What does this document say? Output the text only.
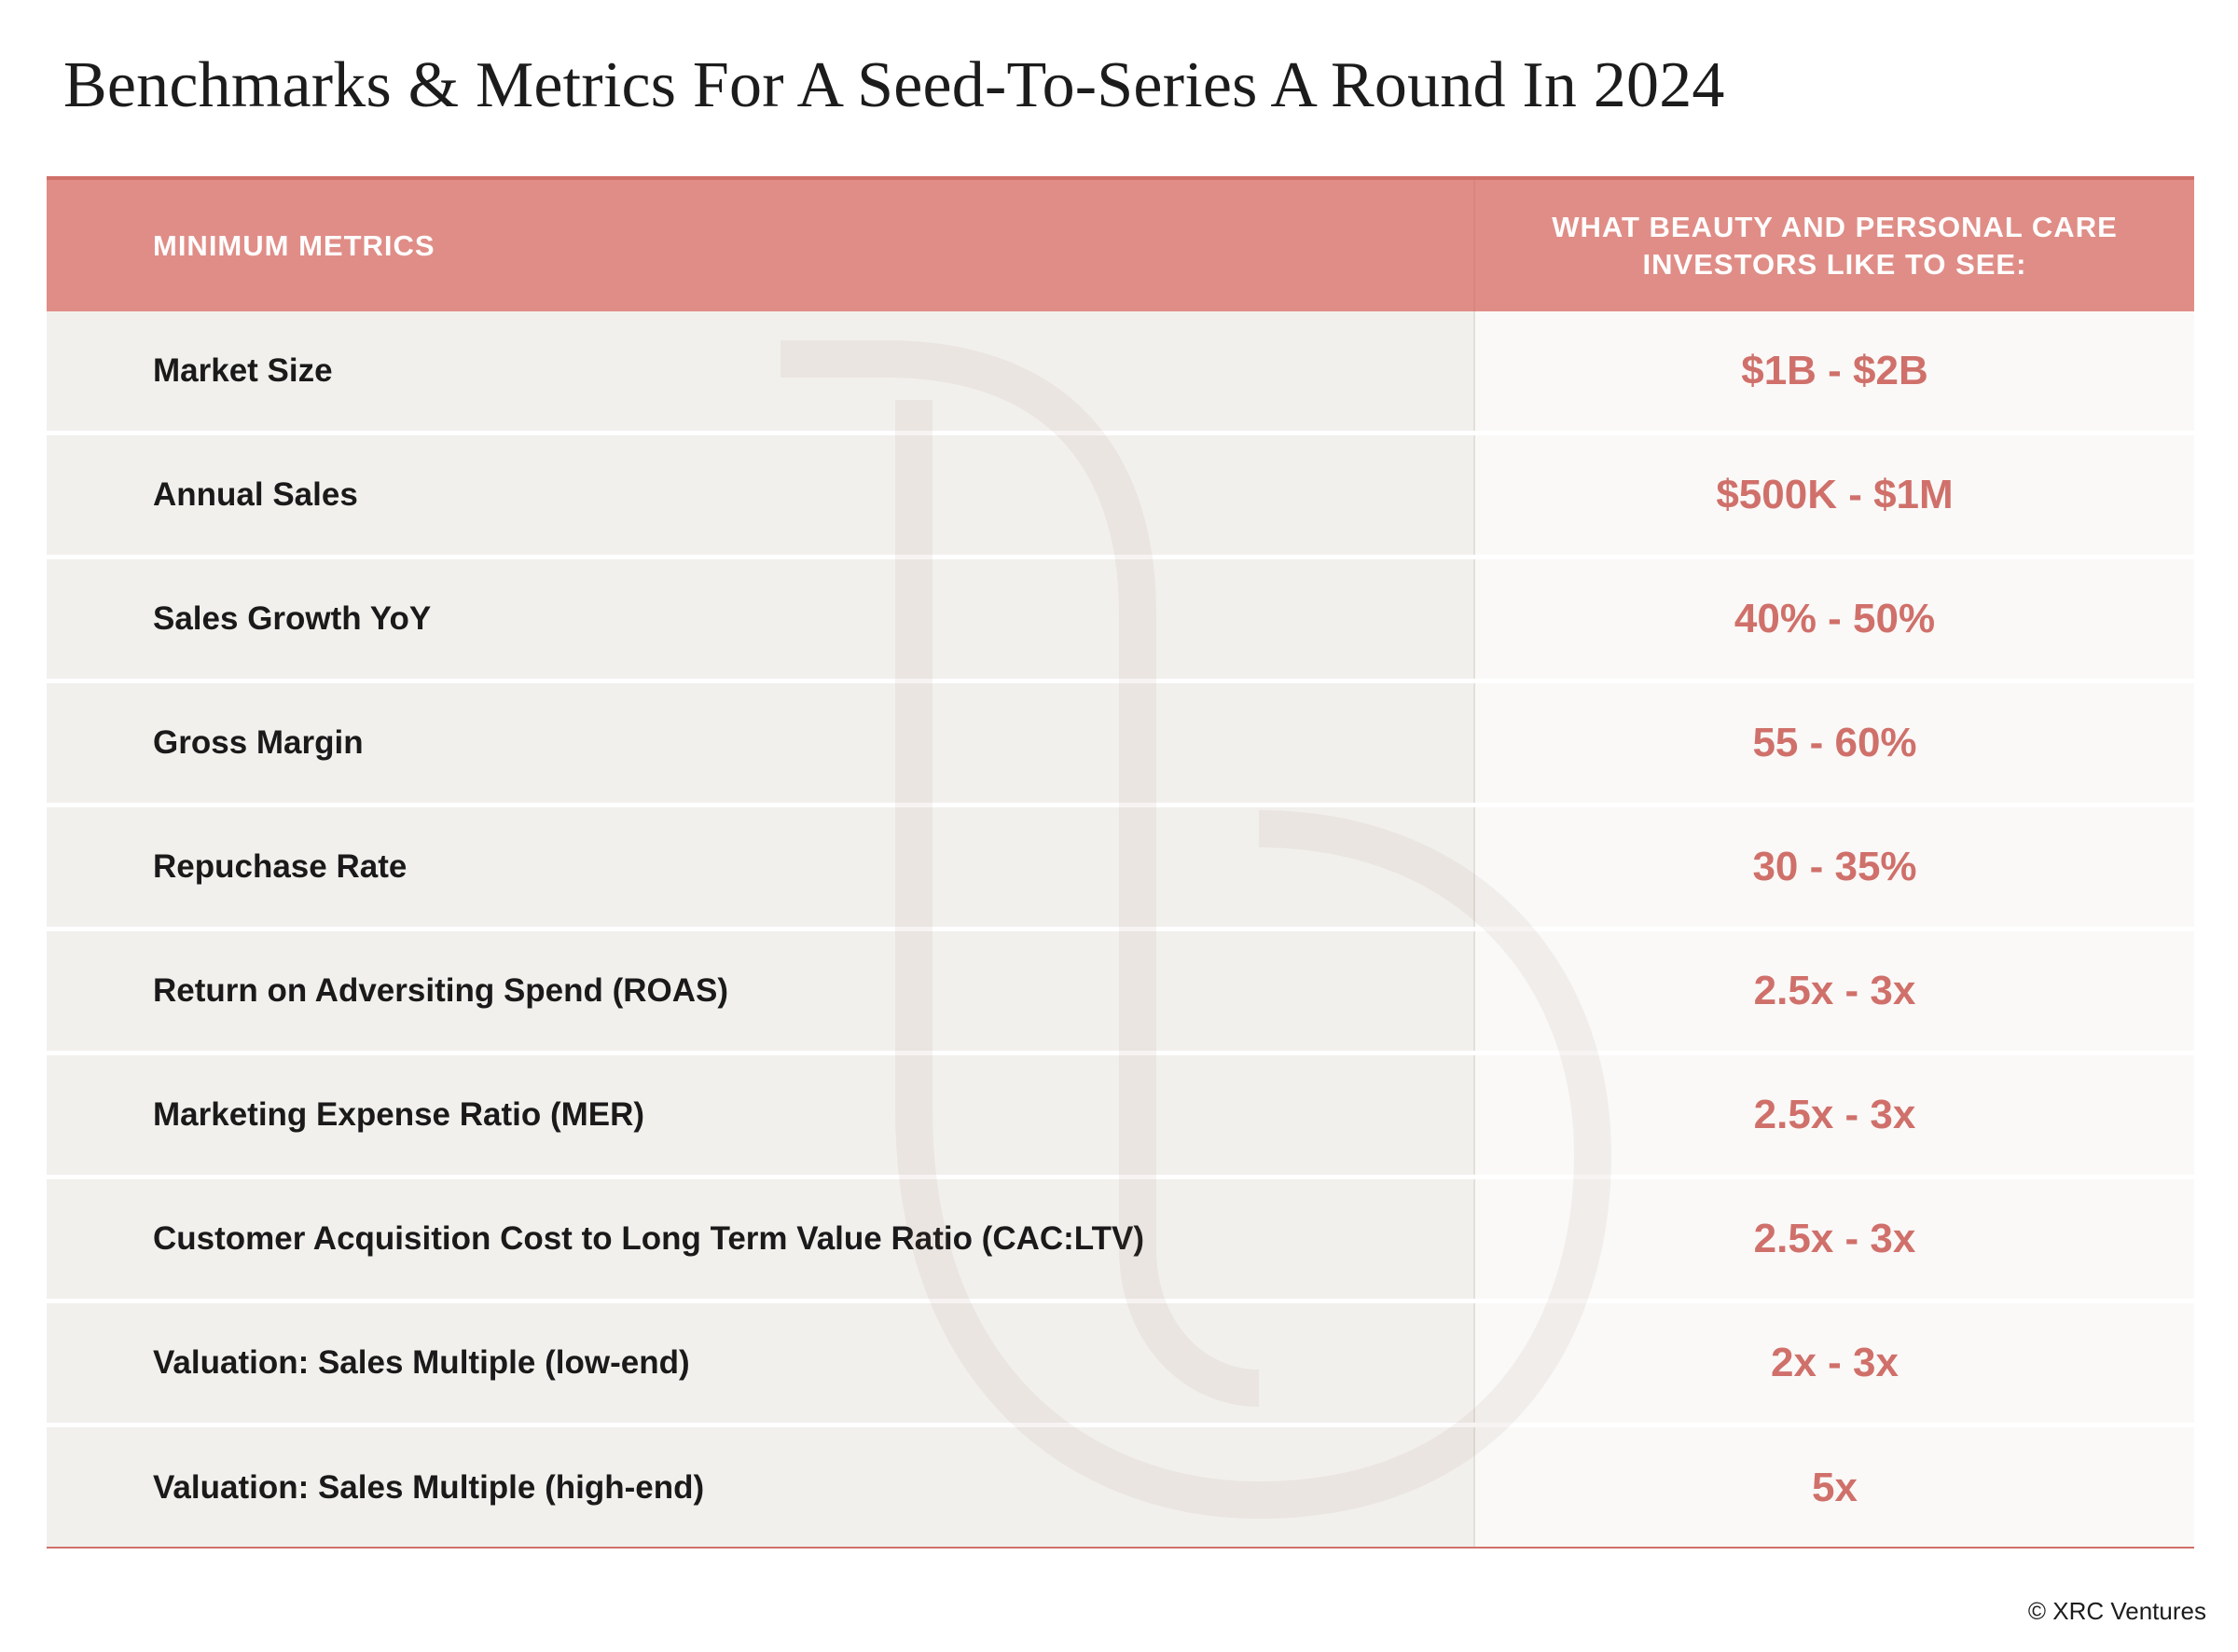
Benchmarks & Metrics For A Seed-To-Series A Round In 2024
MINIMUM METRICS
WHAT BEAUTY AND PERSONAL CARE INVESTORS LIKE TO SEE:
Market Size	$1B - $2B
Annual Sales	$500K - $1M
Sales Growth YoY	40% - 50%
Gross Margin	55 - 60%
Repuchase Rate	30 - 35%
Return on Adversiting Spend (ROAS)	2.5x - 3x
Marketing Expense Ratio (MER)	2.5x - 3x
Customer Acquisition Cost to Long Term Value Ratio (CAC:LTV)	2.5x - 3x
Valuation: Sales Multiple (low-end)	2x - 3x
Valuation: Sales Multiple (high-end)	5x
© XRC Ventures
